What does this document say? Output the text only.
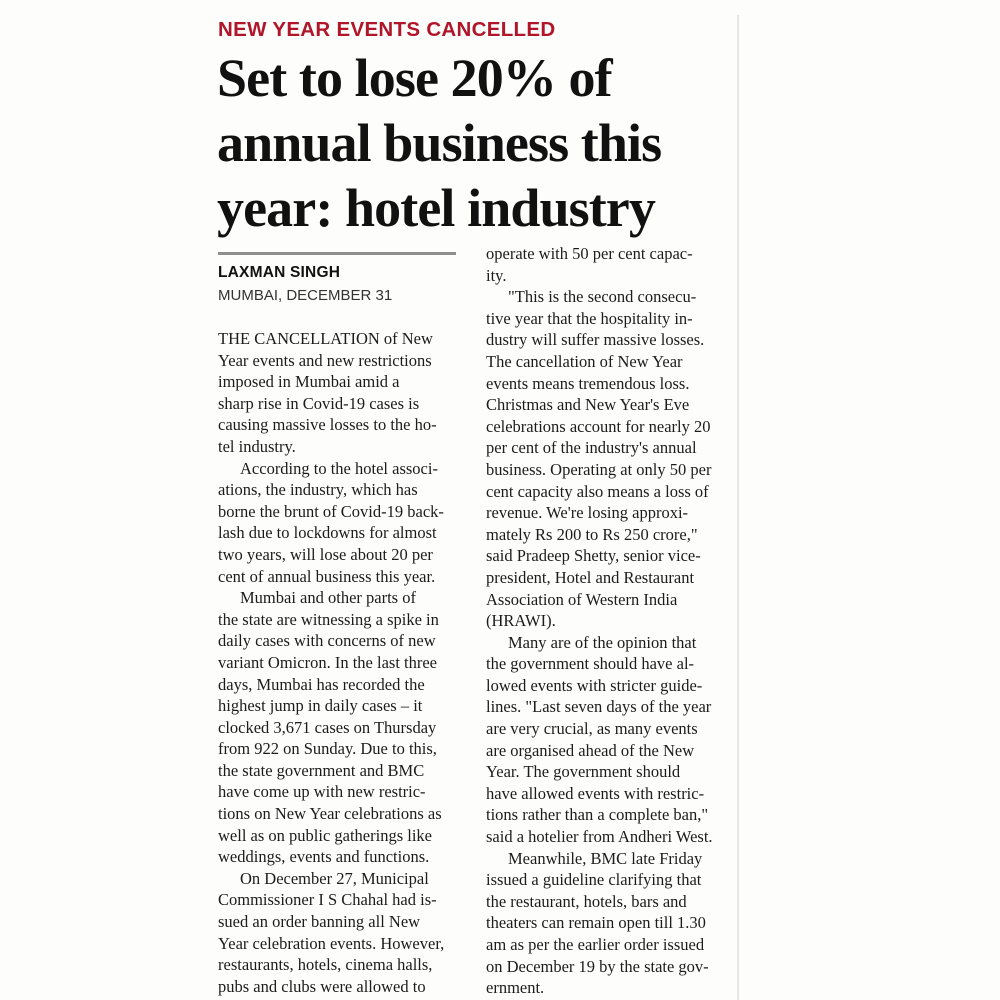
NEW YEAR EVENTS CANCELLED
Set to lose 20% of
annual business this
year: hotel industry
LAXMAN SINGH
MUMBAI, DECEMBER 31
THE CANCELLATION of New
Year events and new restrictions
imposed in Mumbai amid a
sharp rise in Covid-19 cases is
causing massive losses to the ho-
tel industry.
According to the hotel associ-
ations, the industry, which has
borne the brunt of Covid-19 back-
lash due to lockdowns for almost
two years, will lose about 20 per
cent of annual business this year.
Mumbai and other parts of
the state are witnessing a spike in
daily cases with concerns of new
variant Omicron. In the last three
days, Mumbai has recorded the
highest jump in daily cases – it
clocked 3,671 cases on Thursday
from 922 on Sunday. Due to this,
the state government and BMC
have come up with new restric-
tions on New Year celebrations as
well as on public gatherings like
weddings, events and functions.
On December 27, Municipal
Commissioner I S Chahal had is-
sued an order banning all New
Year celebration events. However,
restaurants, hotels, cinema halls,
pubs and clubs were allowed to
operate with 50 per cent capac-
ity.
"This is the second consecu-
tive year that the hospitality in-
dustry will suffer massive losses.
The cancellation of New Year
events means tremendous loss.
Christmas and New Year's Eve
celebrations account for nearly 20
per cent of the industry's annual
business. Operating at only 50 per
cent capacity also means a loss of
revenue. We're losing approxi-
mately Rs 200 to Rs 250 crore,"
said Pradeep Shetty, senior vice-
president, Hotel and Restaurant
Association of Western India
(HRAWI).
Many are of the opinion that
the government should have al-
lowed events with stricter guide-
lines. "Last seven days of the year
are very crucial, as many events
are organised ahead of the New
Year. The government should
have allowed events with restric-
tions rather than a complete ban,"
said a hotelier from Andheri West.
Meanwhile, BMC late Friday
issued a guideline clarifying that
the restaurant, hotels, bars and
theaters can remain open till 1.30
am as per the earlier order issued
on December 19 by the state gov-
ernment.
